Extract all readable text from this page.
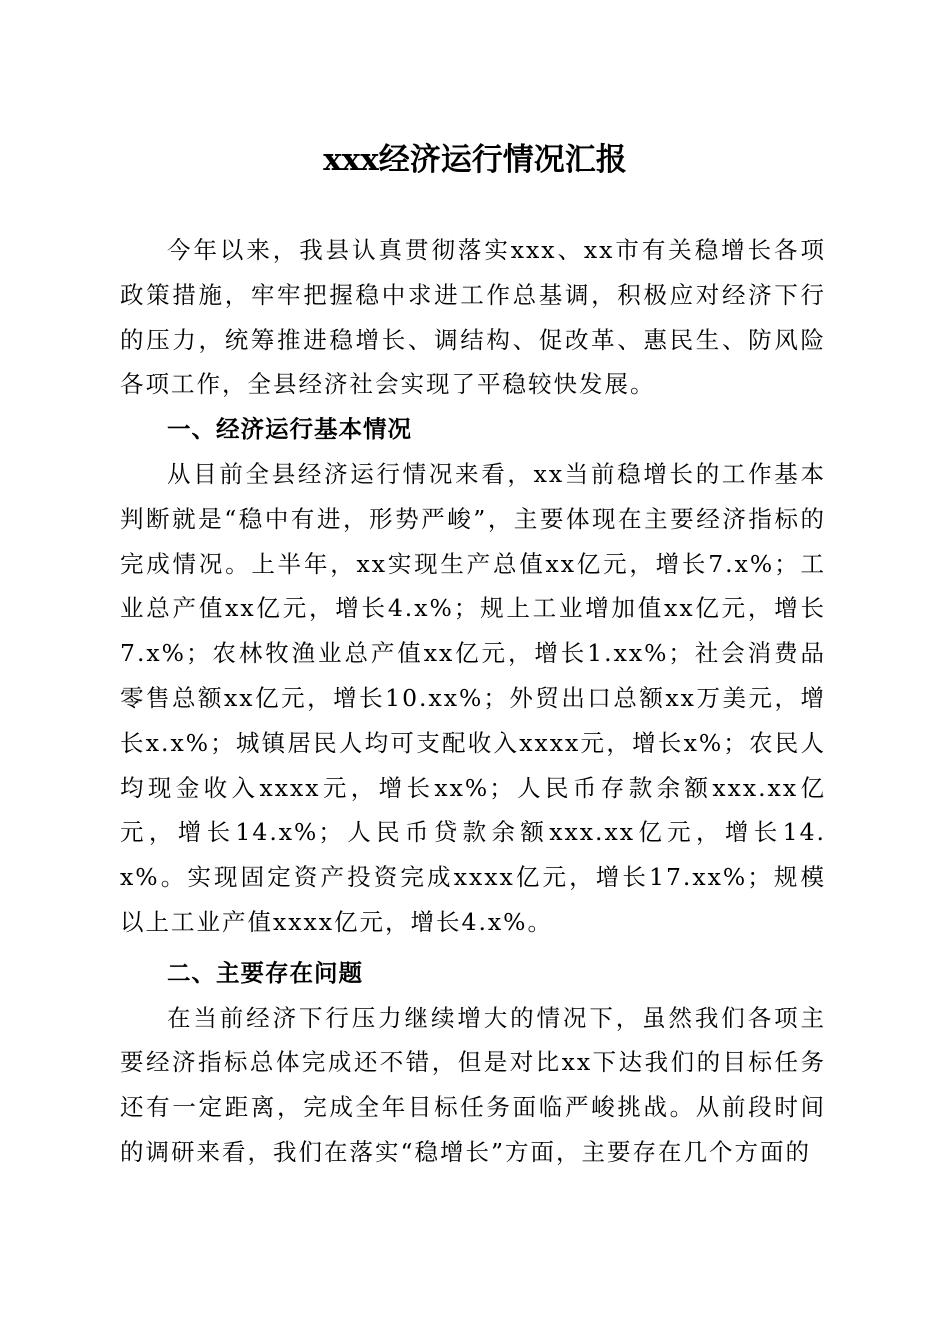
xxx经济运行情况汇报

今年以来，我县认真贯彻落实xxx、xx市有关稳增长各项政策措施，牢牢把握稳中求进工作总基调，积极应对经济下行的压力，统筹推进稳增长、调结构、促改革、惠民生、防风险各项工作，全县经济社会实现了平稳较快发展。

一、经济运行基本情况

从目前全县经济运行情况来看，xx当前稳增长的工作基本判断就是“稳中有进，形势严峻”，主要体现在主要经济指标的完成情况。上半年，xx实现生产总值xx亿元，增长7.x%；工业总产值xx亿元，增长4.x%；规上工业增加值xx亿元，增长7.x%；农林牧渔业总产值xx亿元，增长1.xx%；社会消费品零售总额xx亿元，增长10.xx%；外贸出口总额xx万美元，增长x.x%；城镇居民人均可支配收入xxxx元，增长x%；农民人均现金收入xxxx元，增长xx%；人民币存款余额xxx.xx亿元，增长14.x%；人民币贷款余额xxx.xx亿元，增长14.x%。实现固定资产投资完成xxxx亿元，增长17.xx%；规模以上工业产值xxxx亿元，增长4.x%。

二、主要存在问题

在当前经济下行压力继续增大的情况下，虽然我们各项主要经济指标总体完成还不错，但是对比xx下达我们的目标任务还有一定距离，完成全年目标任务面临严峻挑战。从前段时间的调研来看，我们在落实“稳增长”方面，主要存在几个方面的
